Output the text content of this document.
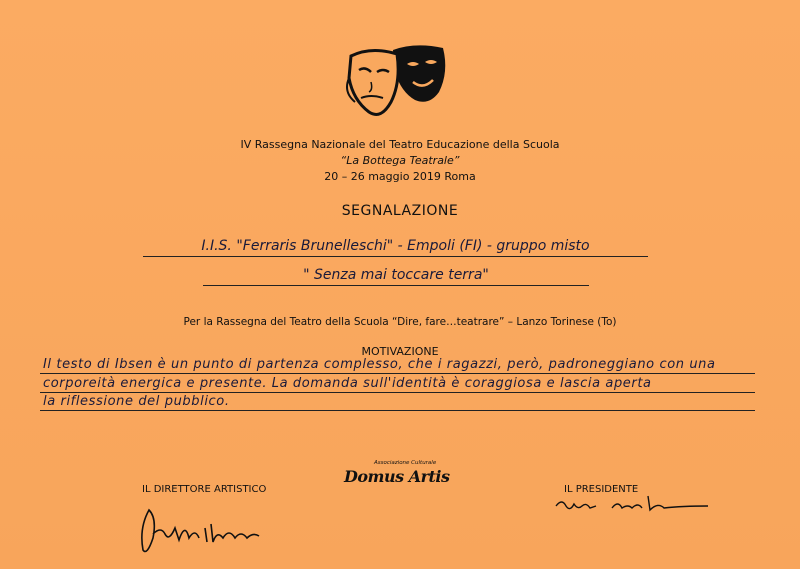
IV Rassegna Nazionale del Teatro Educazione della Scuola
“La Bottega Teatrale”
20 – 26 maggio 2019 Roma
SEGNALAZIONE
I.I.S. "Ferraris Brunelleschi" - Empoli (FI) - gruppo misto
" Senza mai toccare terra"
Per la Rassegna del Teatro della Scuola “Dire, fare…teatrare” – Lanzo Torinese (To)
MOTIVAZIONE
Il testo di Ibsen è un punto di partenza complesso, che i ragazzi, però, padroneggiano con una
corporeità energica e presente. La domanda sull'identità è coraggiosa e lascia aperta
la riflessione del pubblico.
IL DIRETTORE ARTISTICO	IL PRESIDENTE
Associazione Culturale
Domus Artis
